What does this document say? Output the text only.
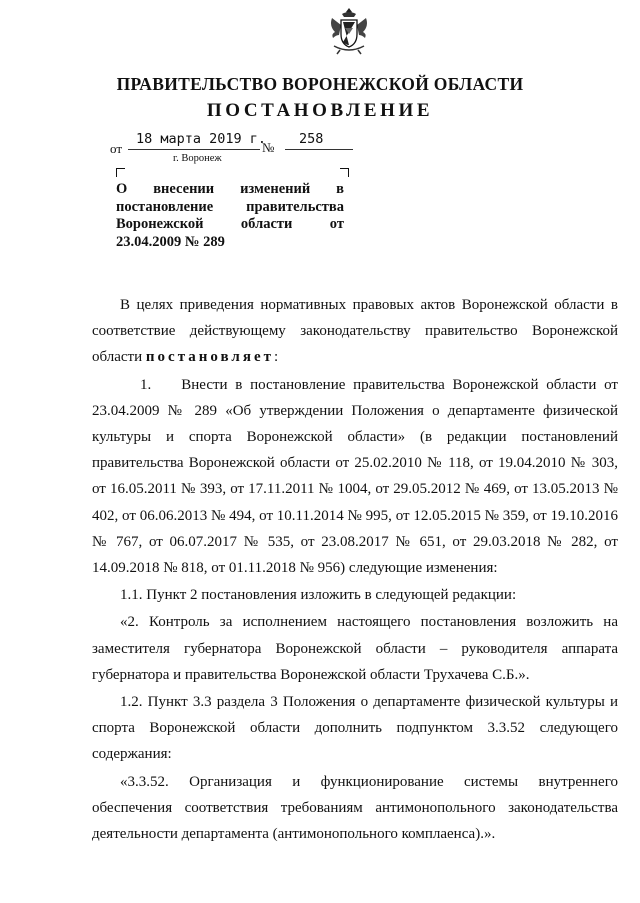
ПРАВИТЕЛЬСТВО ВОРОНЕЖСКОЙ ОБЛАСТИ
ПОСТАНОВЛЕНИЕ
от
18 марта 2019 г.
№
258
г. Воронеж
О внесении изменений в
постановление правительства
Воронежской области от
23.04.2009 № 289

В целях приведения нормативных правовых актов Воронежской области в соответствие действующему законодательству правительство Воронежской области постановляет:

1. Внести в постановление правительства Воронежской области от 23.04.2009 № 289 «Об утверждении Положения о департаменте физической культуры и спорта Воронежской области» (в редакции постановлений правительства Воронежской области от 25.02.2010 № 118, от 19.04.2010 № 303, от 16.05.2011 № 393, от 17.11.2011 № 1004, от 29.05.2012 № 469, от 13.05.2013 № 402, от 06.06.2013 № 494, от 10.11.2014 № 995, от 12.05.2015 № 359, от 19.10.2016 № 767, от 06.07.2017 № 535, от 23.08.2017 № 651, от 29.03.2018 № 282, от 14.09.2018 № 818, от 01.11.2018 № 956) следующие изменения:

1.1. Пункт 2 постановления изложить в следующей редакции:

«2. Контроль за исполнением настоящего постановления возложить на заместителя губернатора Воронежской области – руководителя аппарата губернатора и правительства Воронежской области Трухачева С.Б.».

1.2. Пункт 3.3 раздела 3 Положения о департаменте физической культуры и спорта Воронежской области дополнить подпунктом 3.3.52 следующего содержания:

«3.3.52. Организация и функционирование системы внутреннего обеспечения соответствия требованиям антимонопольного законодательства деятельности департамента (антимонопольного комплаенса).».
